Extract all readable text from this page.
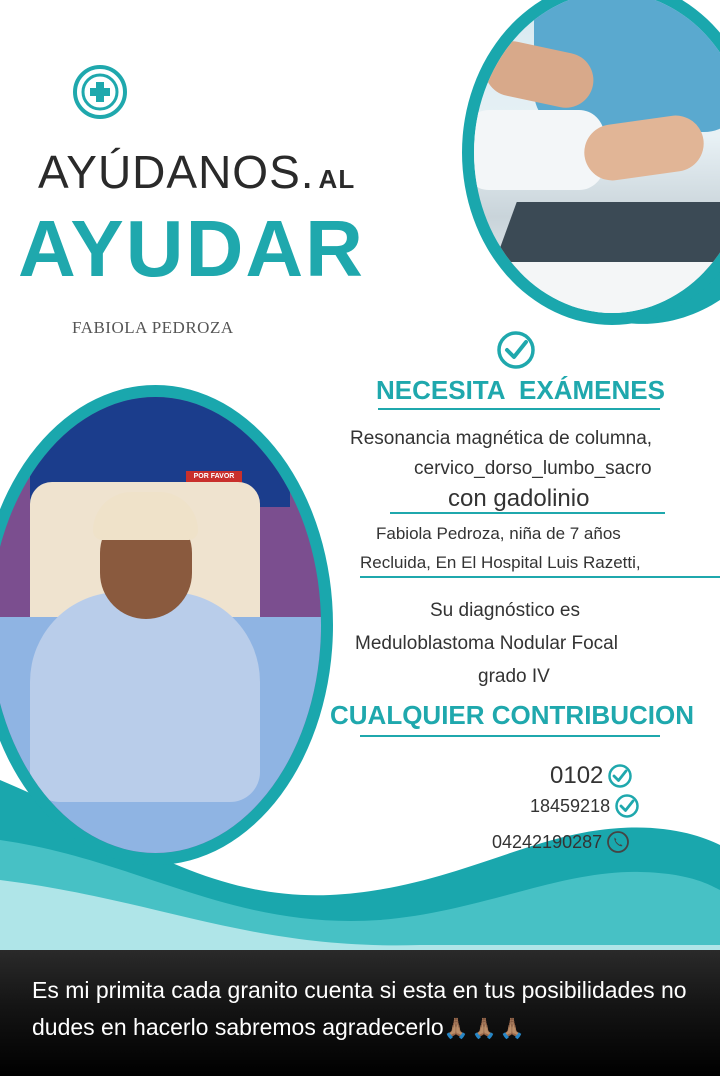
AYÚDANOS. AL
AYUDAR
FABIOLA PEDROZA
POR FAVOR
NECESITA  EXÁMENES
Resonancia magnética de columna,
cervico_dorso_lumbo_sacro
con gadolinio
Fabiola Pedroza, niña de 7 años
Recluida, En El Hospital Luis Razetti,
Su diagnóstico es
Meduloblastoma Nodular Focal
grado IV
CUALQUIER CONTRIBUCION
0102
18459218
04242190287
Es mi primita cada granito cuenta si esta en tus posibilidades no dudes en hacerlo sabremos agradecerlo🙏🏽🙏🏽🙏🏽
